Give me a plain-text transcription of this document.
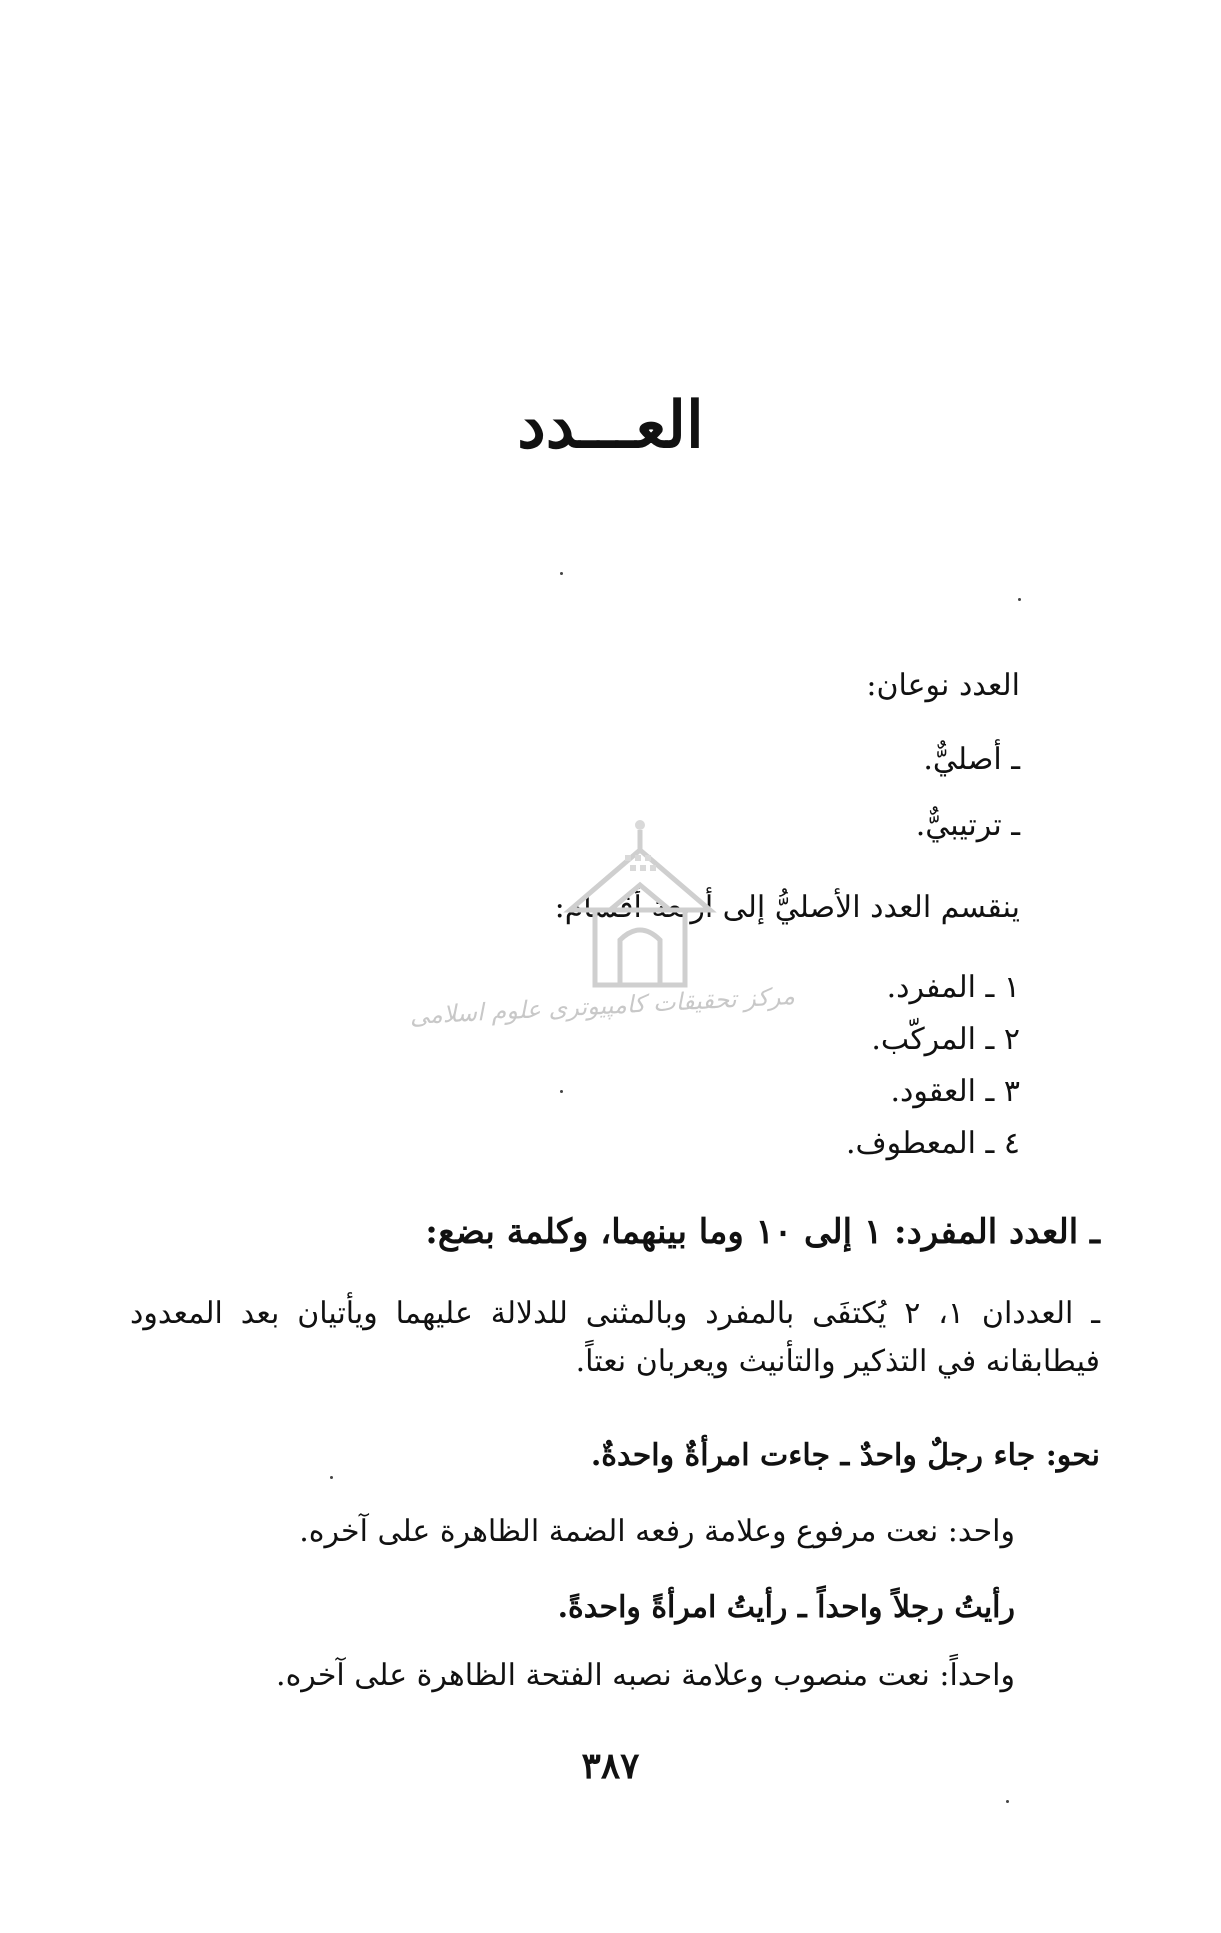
العـــدد
العدد نوعان:
ـ أصليٌّ.
ـ ترتيبيٌّ.
ينقسم العدد الأصليُّ إلى أربعة أقسام:
١ ـ المفرد.
٢ ـ المركّب.
٣ ـ العقود.
٤ ـ المعطوف.
ـ العدد المفرد: ١ إلى ١٠ وما بينهما، وكلمة بضع:
ـ العددان ١، ٢ يُكتفَى بالمفرد وبالمثنى للدلالة عليهما ويأتيان بعد المعدود فيطابقانه في التذكير والتأنيث ويعربان نعتاً.
نحو: جاء رجلٌ واحدٌ ـ جاءت امرأةٌ واحدةٌ.
واحد: نعت مرفوع وعلامة رفعه الضمة الظاهرة على آخره.
رأيتُ رجلاً واحداً ـ رأيتُ امرأةً واحدةً.
واحداً: نعت منصوب وعلامة نصبه الفتحة الظاهرة على آخره.
٣٨٧
مركز تحقيقات كامپيوتری علوم اسلامی
